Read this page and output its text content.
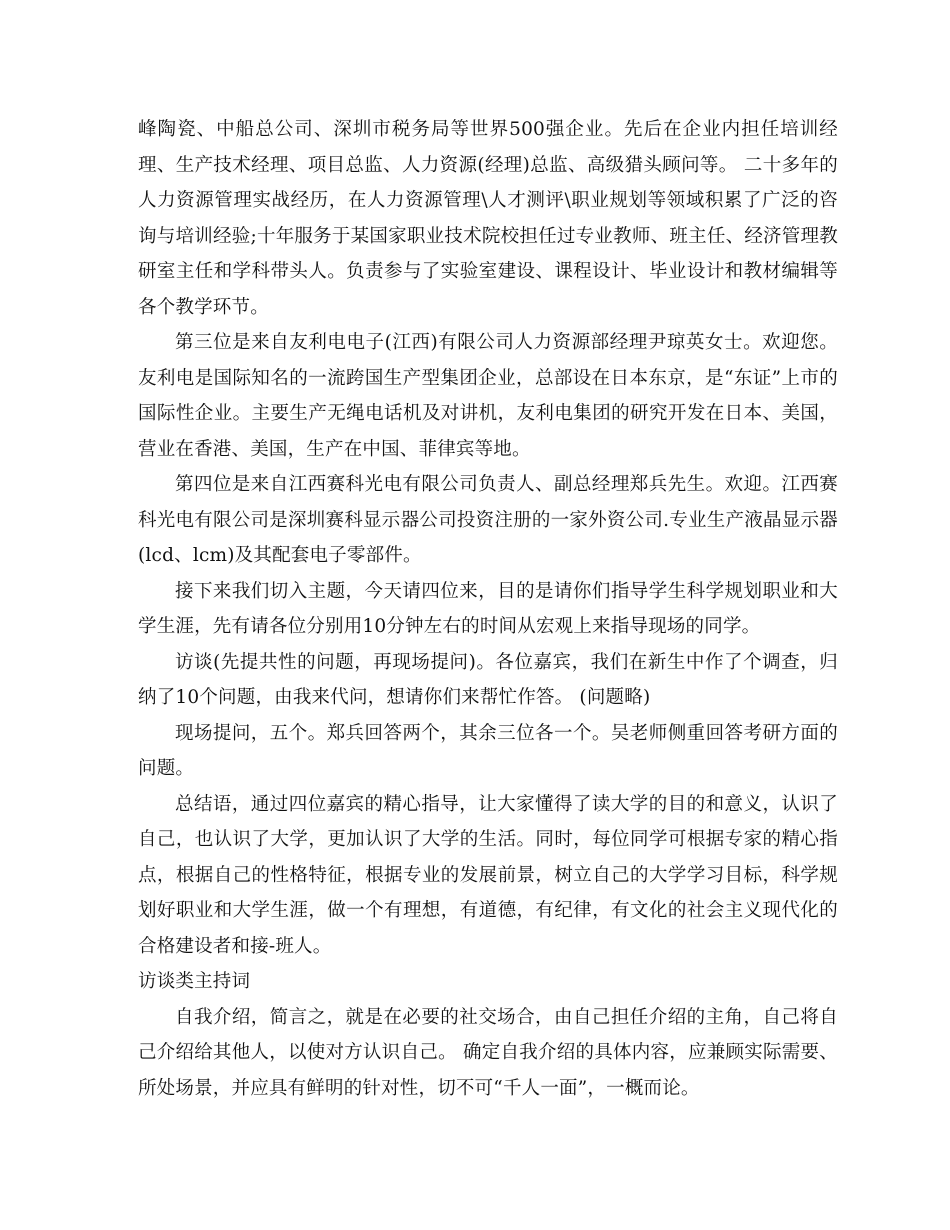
峰陶瓷、中船总公司、深圳市税务局等世界500强企业。先后在企业内担任培训经理、生产技术经理、项目总监、人力资源(经理)总监、高级猎头顾问等。 二十多年的人力资源管理实战经历，在人力资源管理\人才测评\职业规划等领域积累了广泛的咨询与培训经验;十年服务于某国家职业技术院校担任过专业教师、班主任、经济管理教研室主任和学科带头人。负责参与了实验室建设、课程设计、毕业设计和教材编辑等各个教学环节。

第三位是来自友利电电子(江西)有限公司人力资源部经理尹琼英女士。欢迎您。友利电是国际知名的一流跨国生产型集团企业，总部设在日本东京，是“东证”上市的国际性企业。主要生产无绳电话机及对讲机，友利电集团的研究开发在日本、美国，营业在香港、美国，生产在中国、菲律宾等地。

第四位是来自江西赛科光电有限公司负责人、副总经理郑兵先生。欢迎。江西赛科光电有限公司是深圳赛科显示器公司投资注册的一家外资公司.专业生产液晶显示器(lcd、lcm)及其配套电子零部件。

接下来我们切入主题，今天请四位来，目的是请你们指导学生科学规划职业和大学生涯，先有请各位分别用10分钟左右的时间从宏观上来指导现场的同学。

访谈(先提共性的问题，再现场提问)。各位嘉宾，我们在新生中作了个调查，归纳了10个问题，由我来代问，想请你们来帮忙作答。 (问题略)

现场提问，五个。郑兵回答两个，其余三位各一个。吴老师侧重回答考研方面的问题。

总结语，通过四位嘉宾的精心指导，让大家懂得了读大学的目的和意义，认识了自己，也认识了大学，更加认识了大学的生活。同时，每位同学可根据专家的精心指点，根据自己的性格特征，根据专业的发展前景，树立自己的大学学习目标，科学规划好职业和大学生涯，做一个有理想，有道德，有纪律，有文化的社会主义现代化的合格建设者和接-班人。

访谈类主持词

自我介绍，简言之，就是在必要的社交场合，由自己担任介绍的主角，自己将自己介绍给其他人，以使对方认识自己。 确定自我介绍的具体内容，应兼顾实际需要、所处场景，并应具有鲜明的针对性，切不可“千人一面”，一概而论。
